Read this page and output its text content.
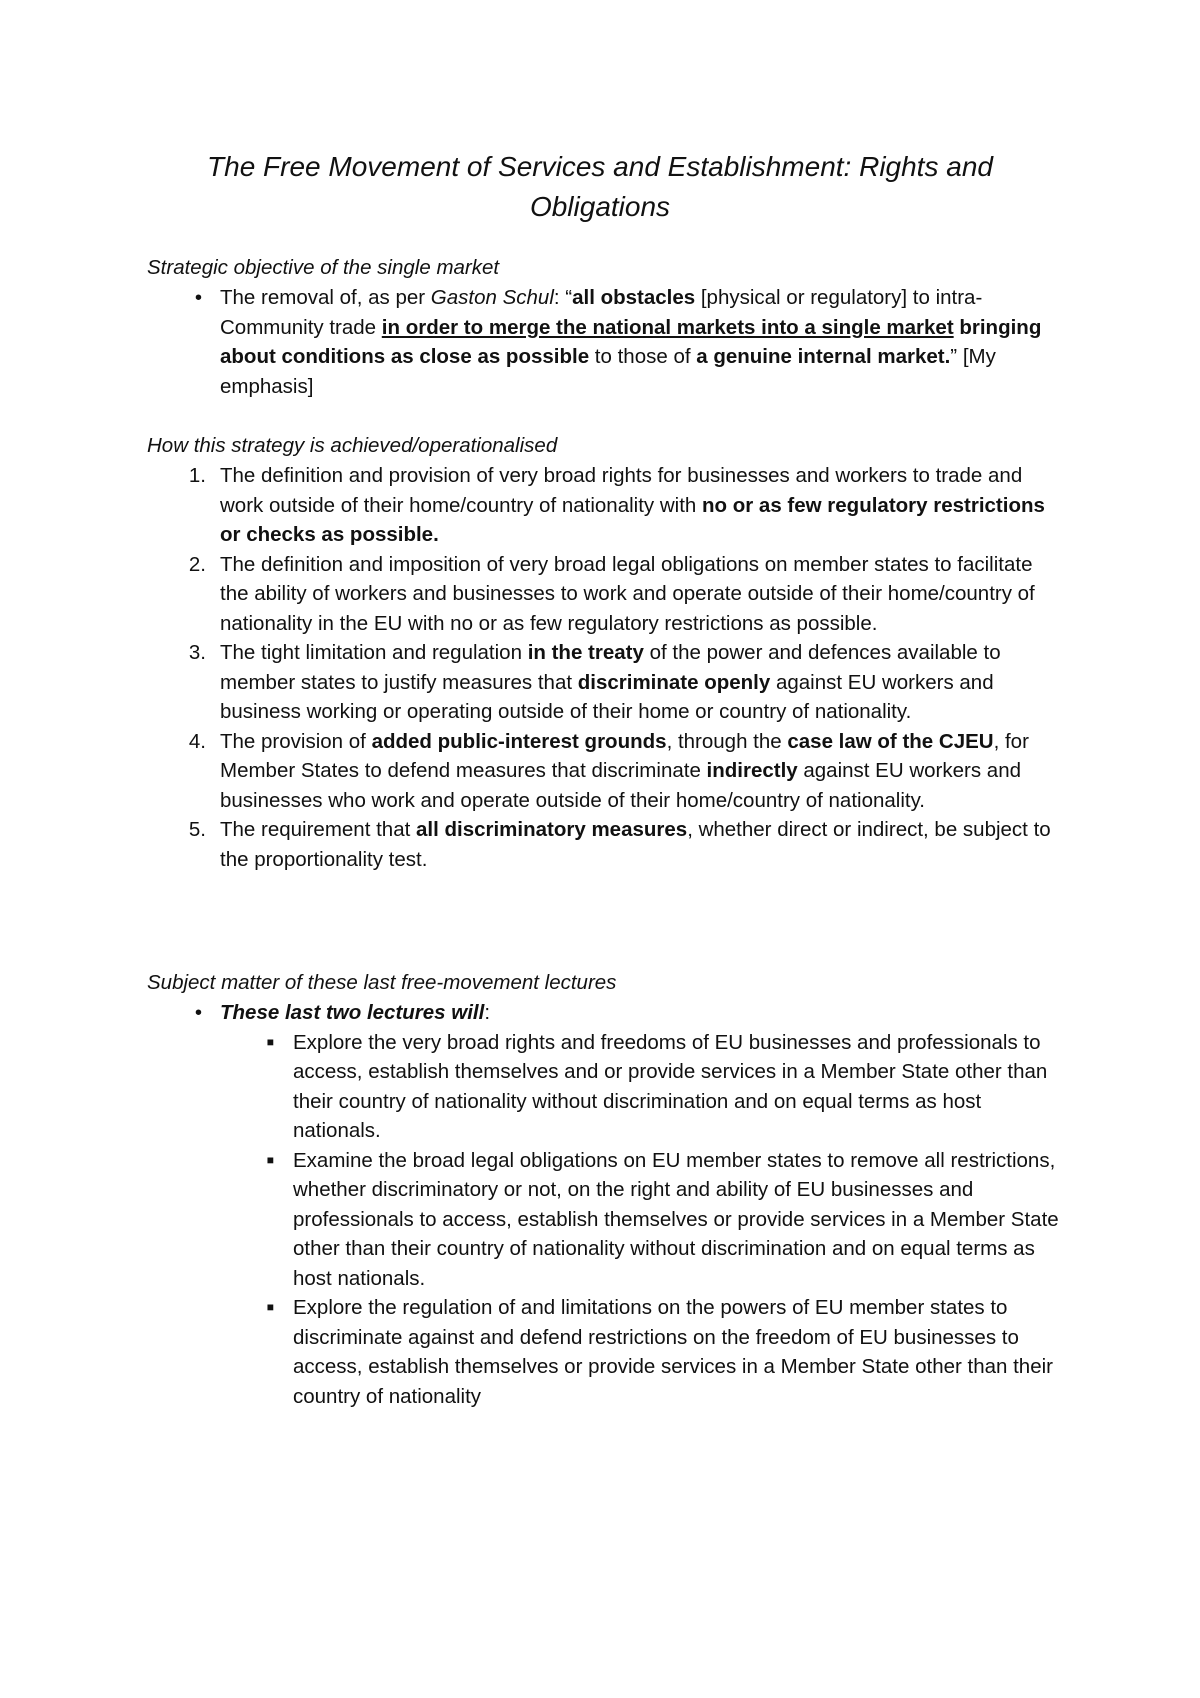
The Free Movement of Services and Establishment: Rights and Obligations
Strategic objective of the single market
• The removal of, as per Gaston Schul: “all obstacles [physical or regulatory] to intra-Community trade in order to merge the national markets into a single market bringing about conditions as close as possible to those of a genuine internal market.” [My emphasis]
How this strategy is achieved/operationalised
1. The definition and provision of very broad rights for businesses and workers to trade and work outside of their home/country of nationality with no or as few regulatory restrictions or checks as possible.
2. The definition and imposition of very broad legal obligations on member states to facilitate the ability of workers and businesses to work and operate outside of their home/country of nationality in the EU with no or as few regulatory restrictions as possible.
3. The tight limitation and regulation in the treaty of the power and defences available to member states to justify measures that discriminate openly against EU workers and business working or operating outside of their home or country of nationality.
4. The provision of added public-interest grounds, through the case law of the CJEU, for Member States to defend measures that discriminate indirectly against EU workers and businesses who work and operate outside of their home/country of nationality.
5. The requirement that all discriminatory measures, whether direct or indirect, be subject to the proportionality test.
Subject matter of these last free-movement lectures
• These last two lectures will:
■ Explore the very broad rights and freedoms of EU businesses and professionals to access, establish themselves and or provide services in a Member State other than their country of nationality without discrimination and on equal terms as host nationals.
■ Examine the broad legal obligations on EU member states to remove all restrictions, whether discriminatory or not, on the right and ability of EU businesses and professionals to access, establish themselves or provide services in a Member State other than their country of nationality without discrimination and on equal terms as host nationals.
■ Explore the regulation of and limitations on the powers of EU member states to discriminate against and defend restrictions on the freedom of EU businesses to access, establish themselves or provide services in a Member State other than their country of nationality
